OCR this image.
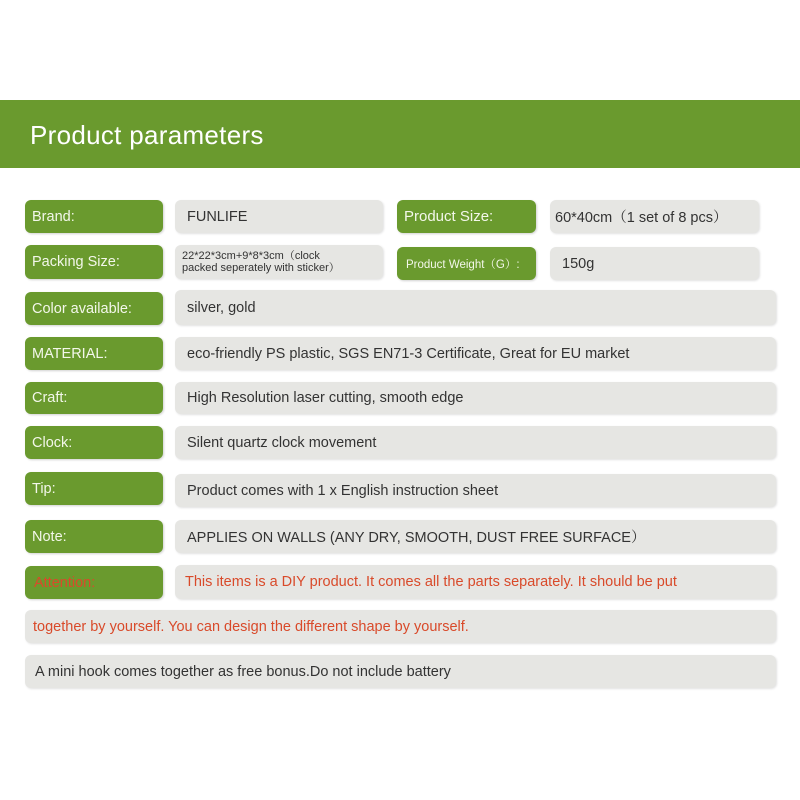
Product parameters
Brand:	FUNLIFE	Product Size:	60*40cm（1 set of 8 pcs）
Packing Size:	22*22*3cm+9*8*3cm（clock
packed seperately with sticker）	Product Weight（G）:	150g
Color available:	silver, gold
MATERIAL:	eco-friendly PS plastic, SGS EN71-3 Certificate, Great for EU market
Craft:	High Resolution laser cutting, smooth edge
Clock:	Silent quartz clock movement
Tip:	Product comes with 1 x English instruction sheet
Note:	APPLIES ON WALLS (ANY DRY, SMOOTH, DUST FREE SURFACE）
Attention:	This items is a DIY product. It comes all the parts separately. It should be put
together by yourself. You can design the different shape by yourself.
A mini hook comes together as free bonus.Do not include battery
